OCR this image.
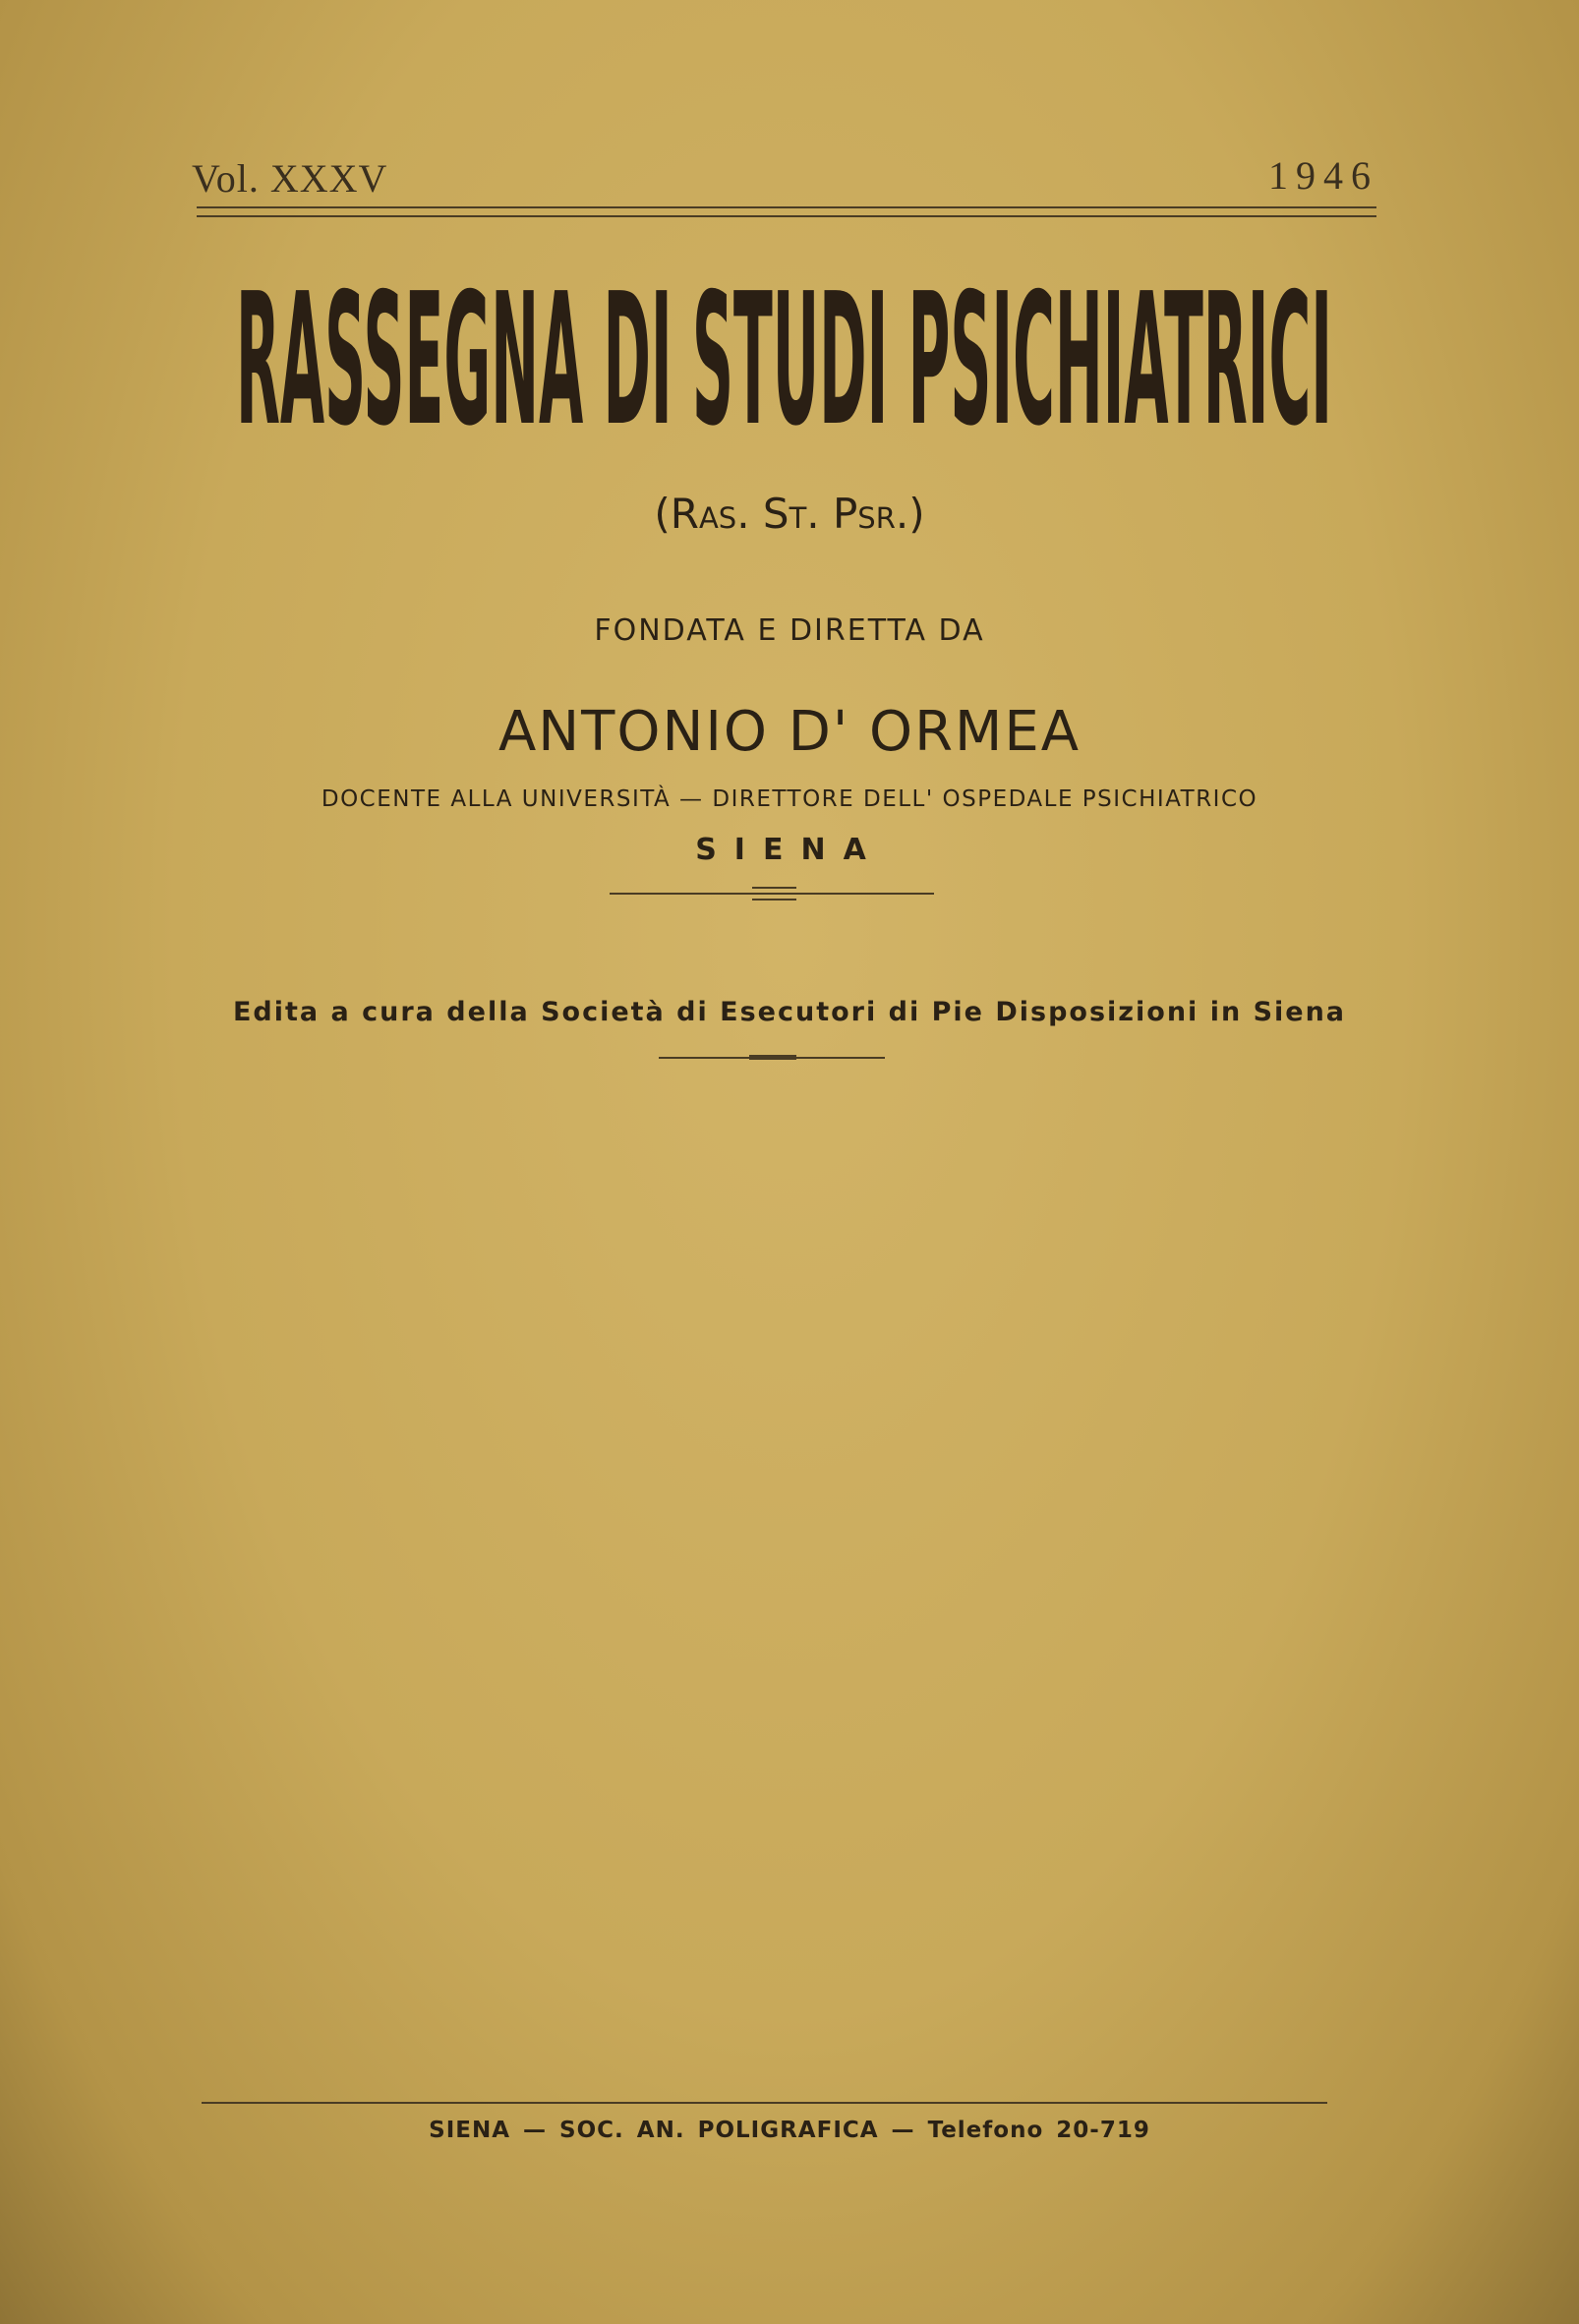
Vol. XXXV	1946
RASSEGNA DI STUDI PSICHIATRICI
(Ras. St. Psr.)
FONDATA E DIRETTA DA
ANTONIO D' ORMEA
DOCENTE ALLA UNIVERSITÀ — DIRETTORE DELL' OSPEDALE PSICHIATRICO
SIENA
Edita a cura della Società di Esecutori di Pie Disposizioni in Siena
SIENA — SOC. AN. POLIGRAFICA — Telefono 20-719
